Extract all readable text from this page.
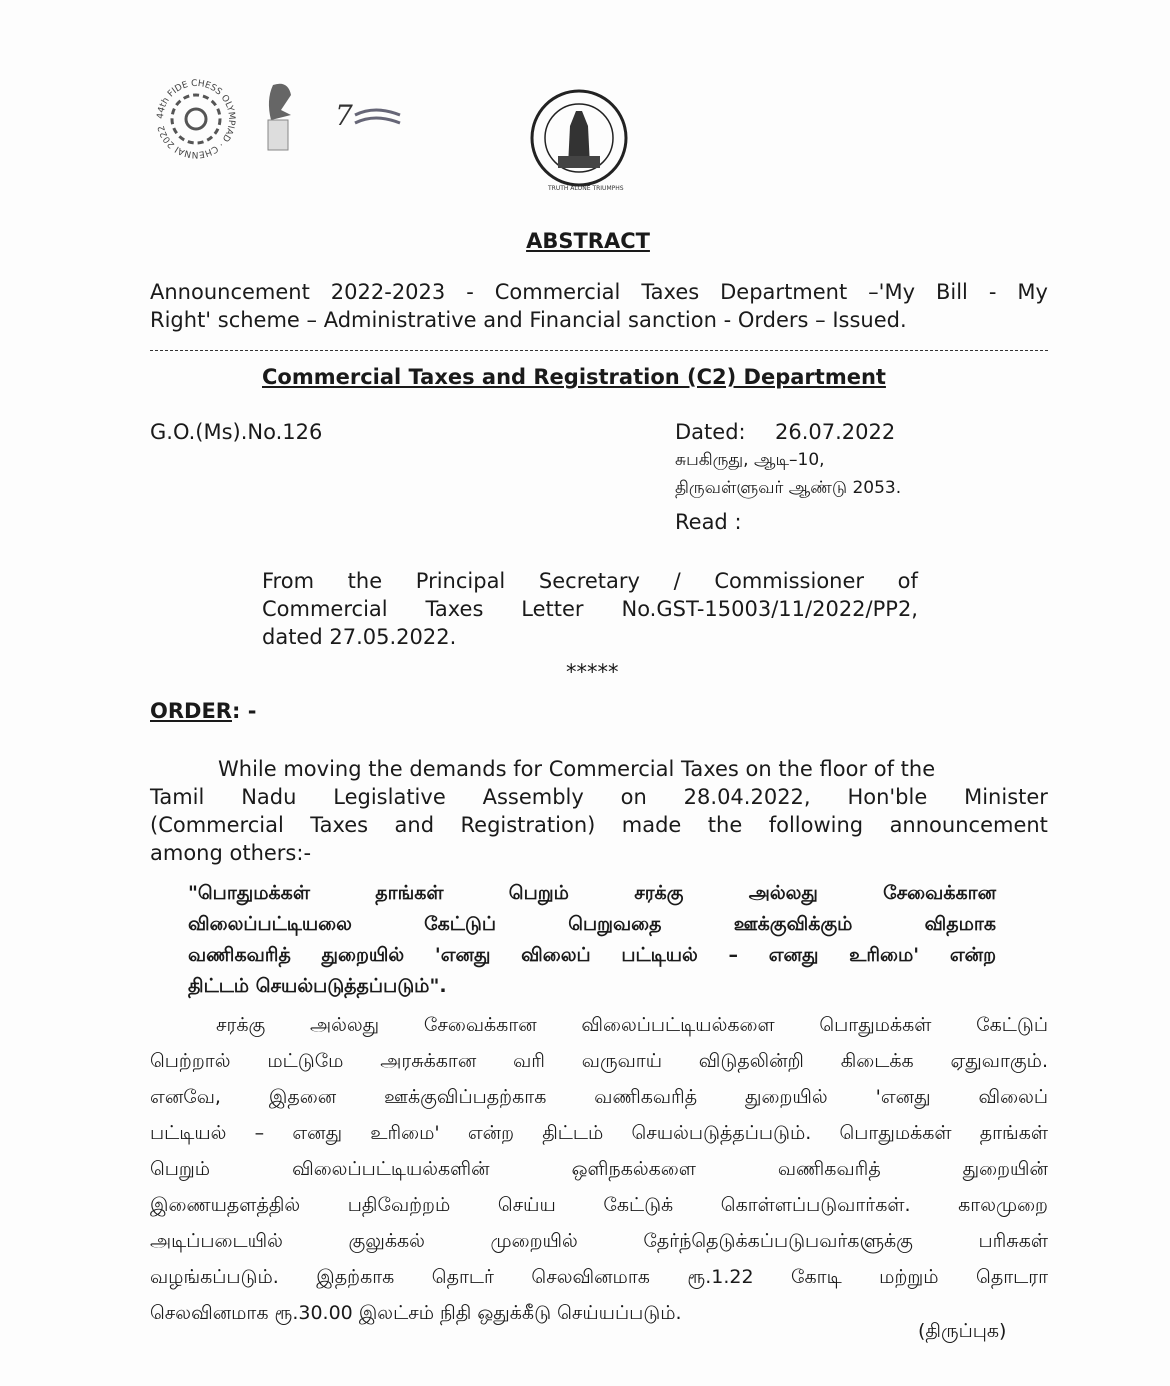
44th FIDE CHESS OLYMPIAD · CHENNAI 2022	7
TRUTH ALONE TRIUMPHS
ABSTRACT
Announcement 2022-2023 - Commercial Taxes Department –'My Bill - My
Right' scheme – Administrative and Financial sanction - Orders – Issued.
Commercial Taxes and Registration (C2) Department
G.O.(Ms).No.126	Dated: 26.07.2022
சுபகிருது, ஆடி–10,
திருவள்ளுவர் ஆண்டு 2053.
Read :
From the Principal Secretary / Commissioner of
Commercial Taxes Letter No.GST-15003/11/2022/PP2,
dated 27.05.2022.
*****
ORDER: -
While moving the demands for Commercial Taxes on the floor of the
Tamil Nadu Legislative Assembly on 28.04.2022, Hon'ble Minister
(Commercial Taxes and Registration) made the following announcement
among others:-
"பொதுமக்கள்	தாங்கள்	பெறும்	சரக்கு	அல்லது	சேவைக்கான
விலைப்பட்டியலை	கேட்டுப்	பெறுவதை	ஊக்குவிக்கும்	விதமாக
வணிகவரித் துறையில் 'எனது விலைப் பட்டியல் – எனது உரிமை' என்ற
திட்டம் செயல்படுத்தப்படும்".
சரக்கு அல்லது சேவைக்கான விலைப்பட்டியல்களை பொதுமக்கள் கேட்டுப்
பெற்றால் மட்டுமே அரசுக்கான வரி வருவாய் விடுதலின்றி கிடைக்க ஏதுவாகும்.
எனவே, இதனை ஊக்குவிப்பதற்காக வணிகவரித் துறையில் 'எனது விலைப்
பட்டியல் – எனது உரிமை' என்ற திட்டம் செயல்படுத்தப்படும். பொதுமக்கள் தாங்கள்
பெறும் விலைப்பட்டியல்களின் ஒளிநகல்களை வணிகவரித் துறையின்
இணையதளத்தில் பதிவேற்றம் செய்ய கேட்டுக் கொள்ளப்படுவார்கள். காலமுறை
அடிப்படையில் குலுக்கல் முறையில் தேர்ந்தெடுக்கப்படுபவர்களுக்கு பரிசுகள்
வழங்கப்படும். இதற்காக தொடர் செலவினமாக ரூ.1.22 கோடி மற்றும் தொடரா
செலவினமாக ரூ.30.00 இலட்சம் நிதி ஒதுக்கீடு செய்யப்படும்.
(திருப்புக)
